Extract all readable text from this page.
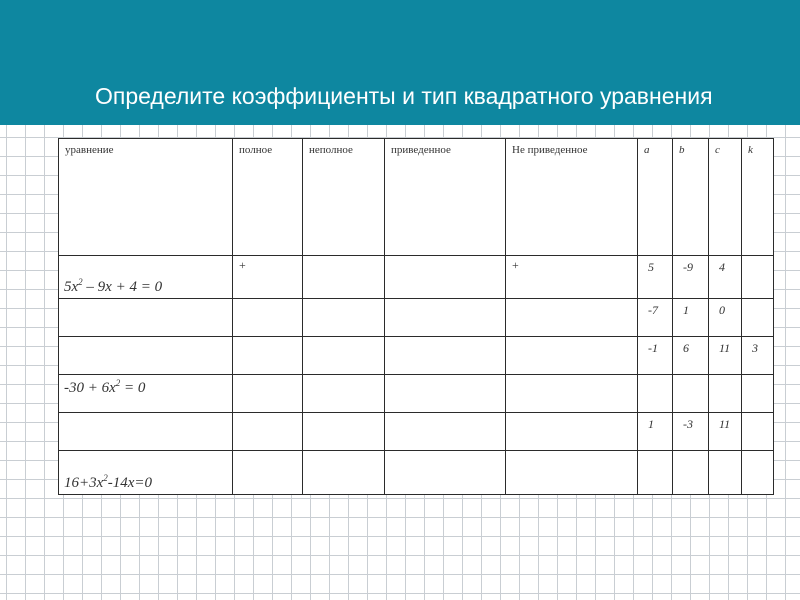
Определите коэффициенты и тип квадратного уравнения
уравнение	полное	неполное	приведенное	Не приведенное	a	b	c	k
$5x^2 - 9x + 4 = 0$	+			+	5	-9	4	
					-7	1	0	
					-1	6	11	3
$-30 + 6x^2 = 0$								
					1	-3	11	
$16+3x^2-14x=0$								
